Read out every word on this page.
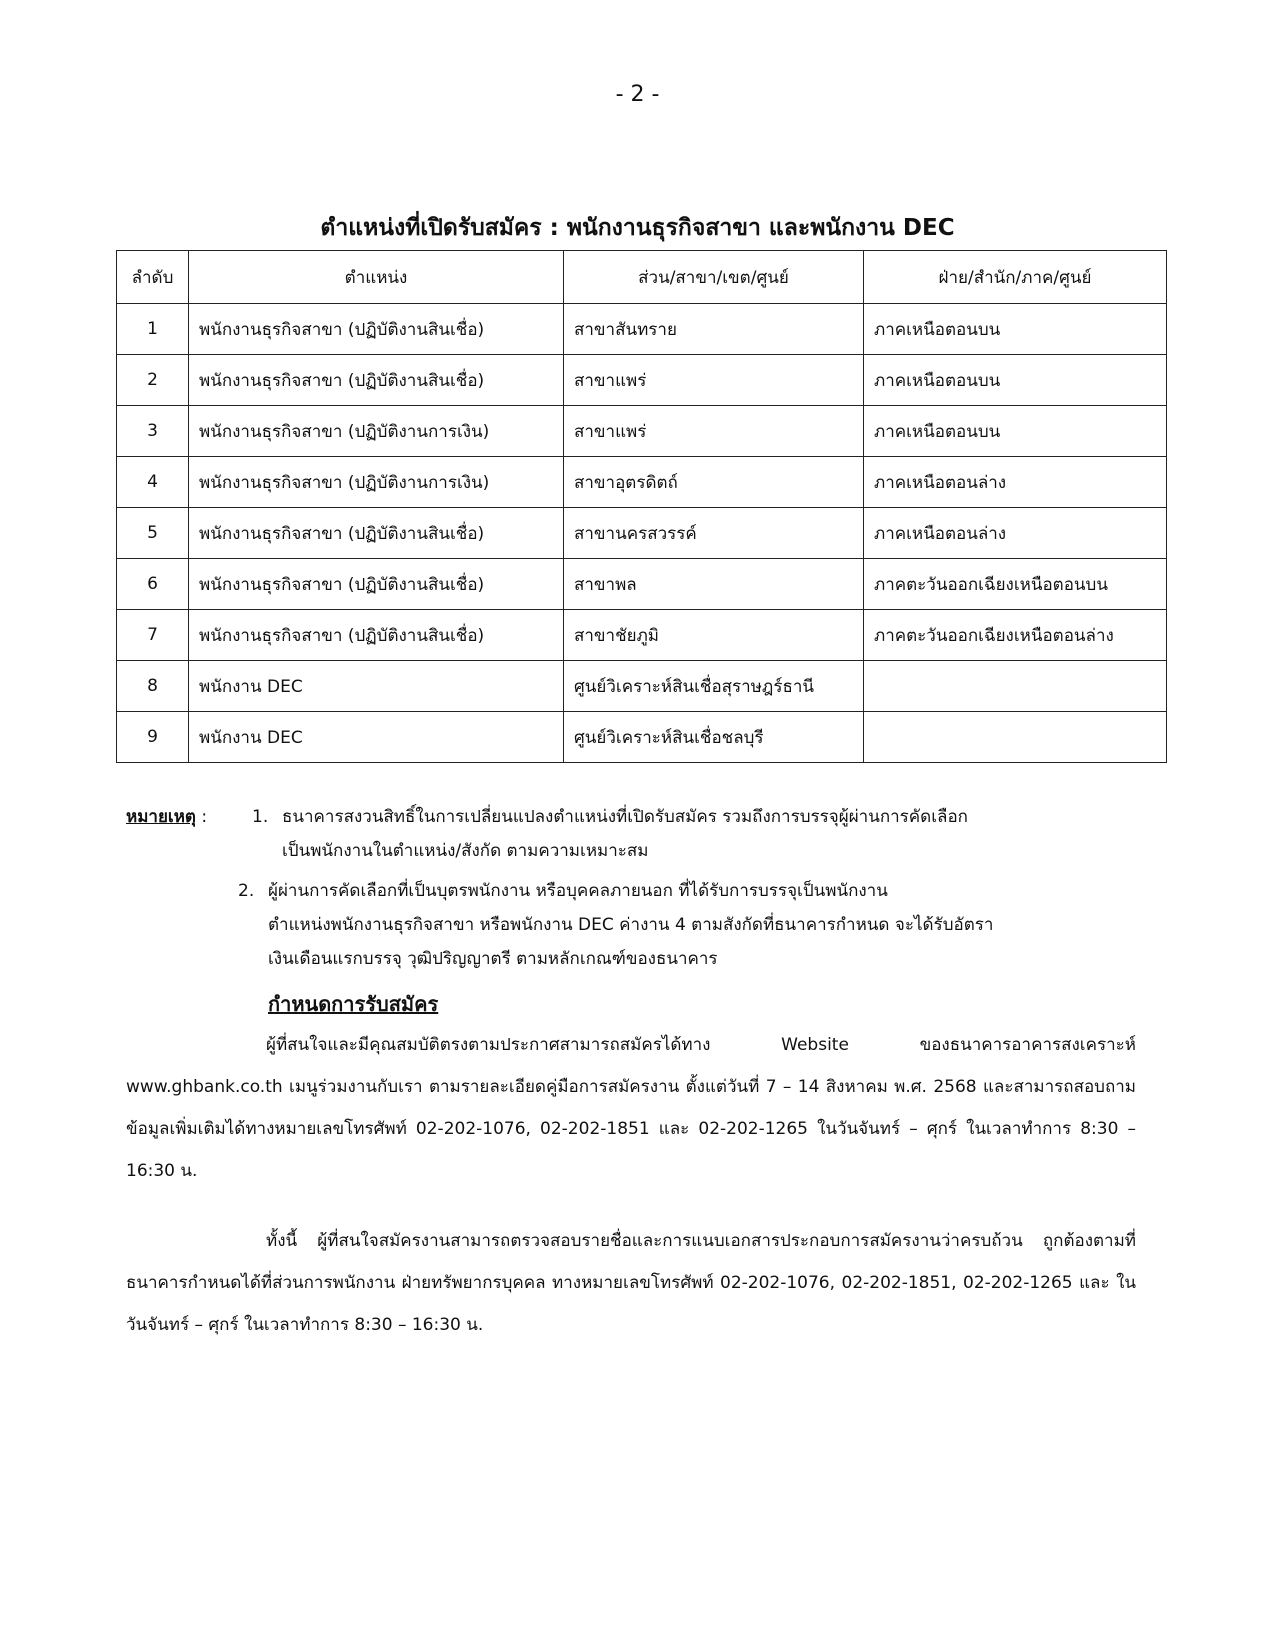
- 2 -
ตำแหน่งที่เปิดรับสมัคร : พนักงานธุรกิจสาขา และพนักงาน DEC
ลำดับ	ตำแหน่ง	ส่วน/สาขา/เขต/ศูนย์	ฝ่าย/สำนัก/ภาค/ศูนย์
1	พนักงานธุรกิจสาขา (ปฏิบัติงานสินเชื่อ)	สาขาสันทราย	ภาคเหนือตอนบน
2	พนักงานธุรกิจสาขา (ปฏิบัติงานสินเชื่อ)	สาขาแพร่	ภาคเหนือตอนบน
3	พนักงานธุรกิจสาขา (ปฏิบัติงานการเงิน)	สาขาแพร่	ภาคเหนือตอนบน
4	พนักงานธุรกิจสาขา (ปฏิบัติงานการเงิน)	สาขาอุตรดิตถ์	ภาคเหนือตอนล่าง
5	พนักงานธุรกิจสาขา (ปฏิบัติงานสินเชื่อ)	สาขานครสวรรค์	ภาคเหนือตอนล่าง
6	พนักงานธุรกิจสาขา (ปฏิบัติงานสินเชื่อ)	สาขาพล	ภาคตะวันออกเฉียงเหนือตอนบน
7	พนักงานธุรกิจสาขา (ปฏิบัติงานสินเชื่อ)	สาขาชัยภูมิ	ภาคตะวันออกเฉียงเหนือตอนล่าง
8	พนักงาน DEC	ศูนย์วิเคราะห์สินเชื่อสุราษฎร์ธานี	
9	พนักงาน DEC	ศูนย์วิเคราะห์สินเชื่อชลบุรี	
หมายเหตุ :	1. ธนาคารสงวนสิทธิ์ในการเปลี่ยนแปลงตำแหน่งที่เปิดรับสมัคร รวมถึงการบรรจุผู้ผ่านการคัดเลือก
เป็นพนักงานในตำแหน่ง/สังกัด ตามความเหมาะสม
2. ผู้ผ่านการคัดเลือกที่เป็นบุตรพนักงาน หรือบุคคลภายนอก ที่ได้รับการบรรจุเป็นพนักงาน
ตำแหน่งพนักงานธุรกิจสาขา หรือพนักงาน DEC ค่างาน 4 ตามสังกัดที่ธนาคารกำหนด จะได้รับอัตรา
เงินเดือนแรกบรรจุ วุฒิปริญญาตรี ตามหลักเกณฑ์ของธนาคาร
กำหนดการรับสมัคร
ผู้ที่สนใจและมีคุณสมบัติตรงตามประกาศสามารถสมัครได้ทาง Website ของธนาคารอาคารสงเคราะห์ www.ghbank.co.th เมนูร่วมงานกับเรา ตามรายละเอียดคู่มือการสมัครงาน ตั้งแต่วันที่ 7 – 14 สิงหาคม พ.ศ. 2568 และสามารถสอบถามข้อมูลเพิ่มเติมได้ทางหมายเลขโทรศัพท์ 02-202-1076, 02-202-1851 และ 02-202-1265 ในวันจันทร์ – ศุกร์ ในเวลาทำการ 8:30 – 16:30 น.
ทั้งนี้ ผู้ที่สนใจสมัครงานสามารถตรวจสอบรายชื่อและการแนบเอกสารประกอบการสมัครงานว่าครบถ้วน ถูกต้องตามที่ธนาคารกำหนดได้ที่ส่วนการพนักงาน ฝ่ายทรัพยากรบุคคล ทางหมายเลขโทรศัพท์ 02-202-1076, 02-202-1851, 02-202-1265 และ ในวันจันทร์ – ศุกร์ ในเวลาทำการ 8:30 – 16:30 น.
